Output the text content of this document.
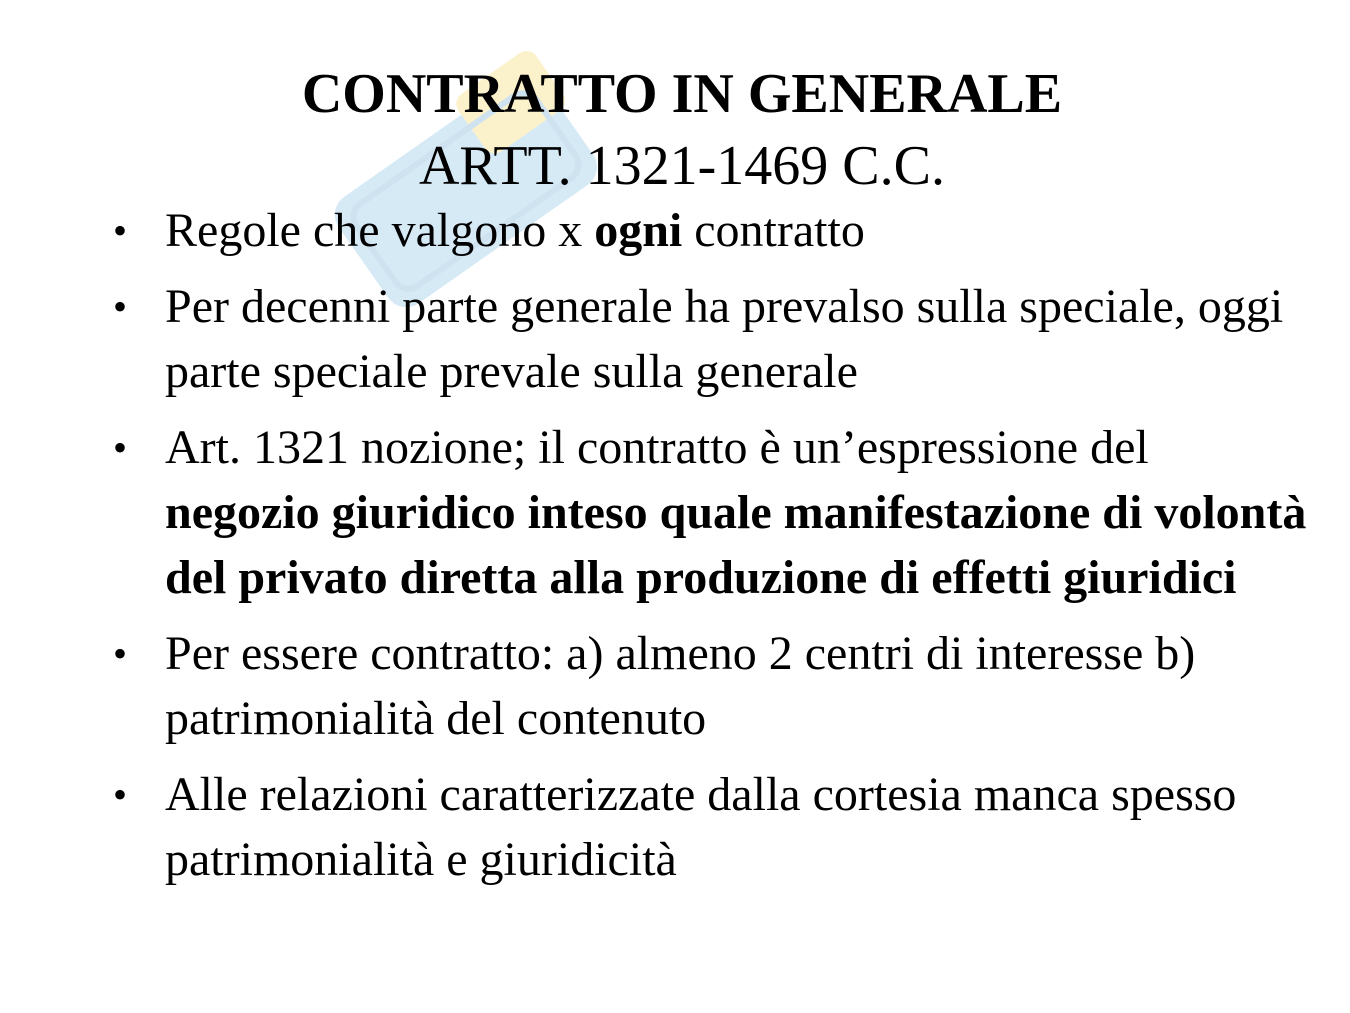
CONTRATTO IN GENERALE
ARTT. 1321-1469 C.C.
• Regole che valgono x ogni contratto
• Per decenni parte generale ha prevalso sulla speciale, oggi parte speciale prevale sulla generale
• Art. 1321 nozione; il contratto è un’espressione del negozio giuridico inteso quale manifestazione di volontà del privato diretta alla produzione di effetti giuridici
• Per essere contratto: a) almeno 2 centri di interesse b) patrimonialità del contenuto
• Alle relazioni caratterizzate dalla cortesia manca spesso patrimonialità e giuridicità
